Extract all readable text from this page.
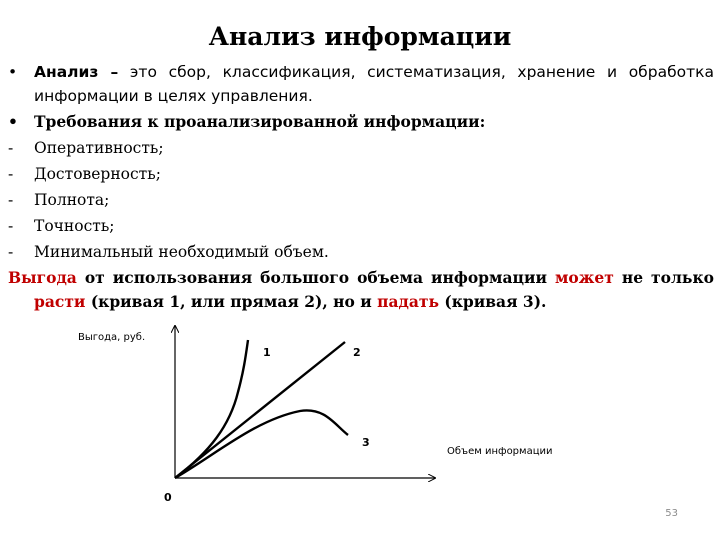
Анализ информации
• Анализ – это сбор, классификация, систематизация, хранение и обработка информации в целях управления.
• Требования к проанализированной информации:
- Оперативность;
- Достоверность;
- Полнота;
- Точность;
- Минимальный необходимый объем.
Выгода от использования большого объема информации может не только расти (кривая 1, или прямая 2), но и падать (кривая 3).
Выгода, руб.
Объем информации
0
1	2
3
53
